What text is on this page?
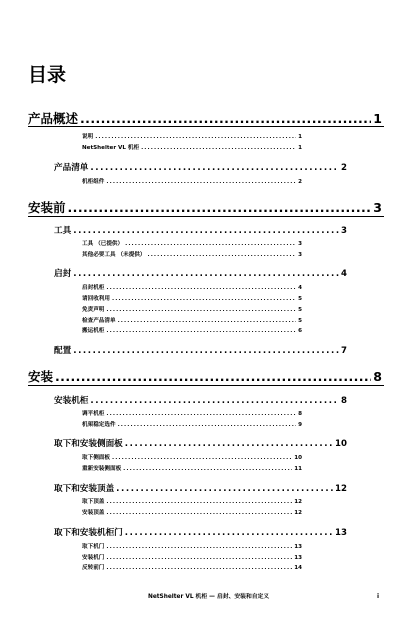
目录
产品概述 .....	1
说明 .....	1
NetShelter VL 机柜 .....	1
产品清单 .....	2
机柜组件 .....	2
安装前 .....	3
工具 .....	3
工具 （已提供） .....	3
其他必要工具 （未提供） .....	3
启封 .....	4
启封机柜 .....	4
请回收利用 .....	5
免责声明 .....	5
检查产品清单 .....	5
搬运机柜 .....	6
配置 .....	7
安装 .....	8
安装机柜 .....	8
调平机柜 .....	8
机架稳定选件 .....	9
取下和安装侧面板 .....	10
取下侧面板 .....	10
重新安装侧面板 .....	11
取下和安装顶盖 .....	12
取下顶盖 .....	12
安装顶盖 .....	12
取下和安装机柜门 .....	13
取下机门 .....	13
安装机门 .....	13
反转前门 .....	14
NetShelter VL 机柜 — 启封、安装和自定义	i
